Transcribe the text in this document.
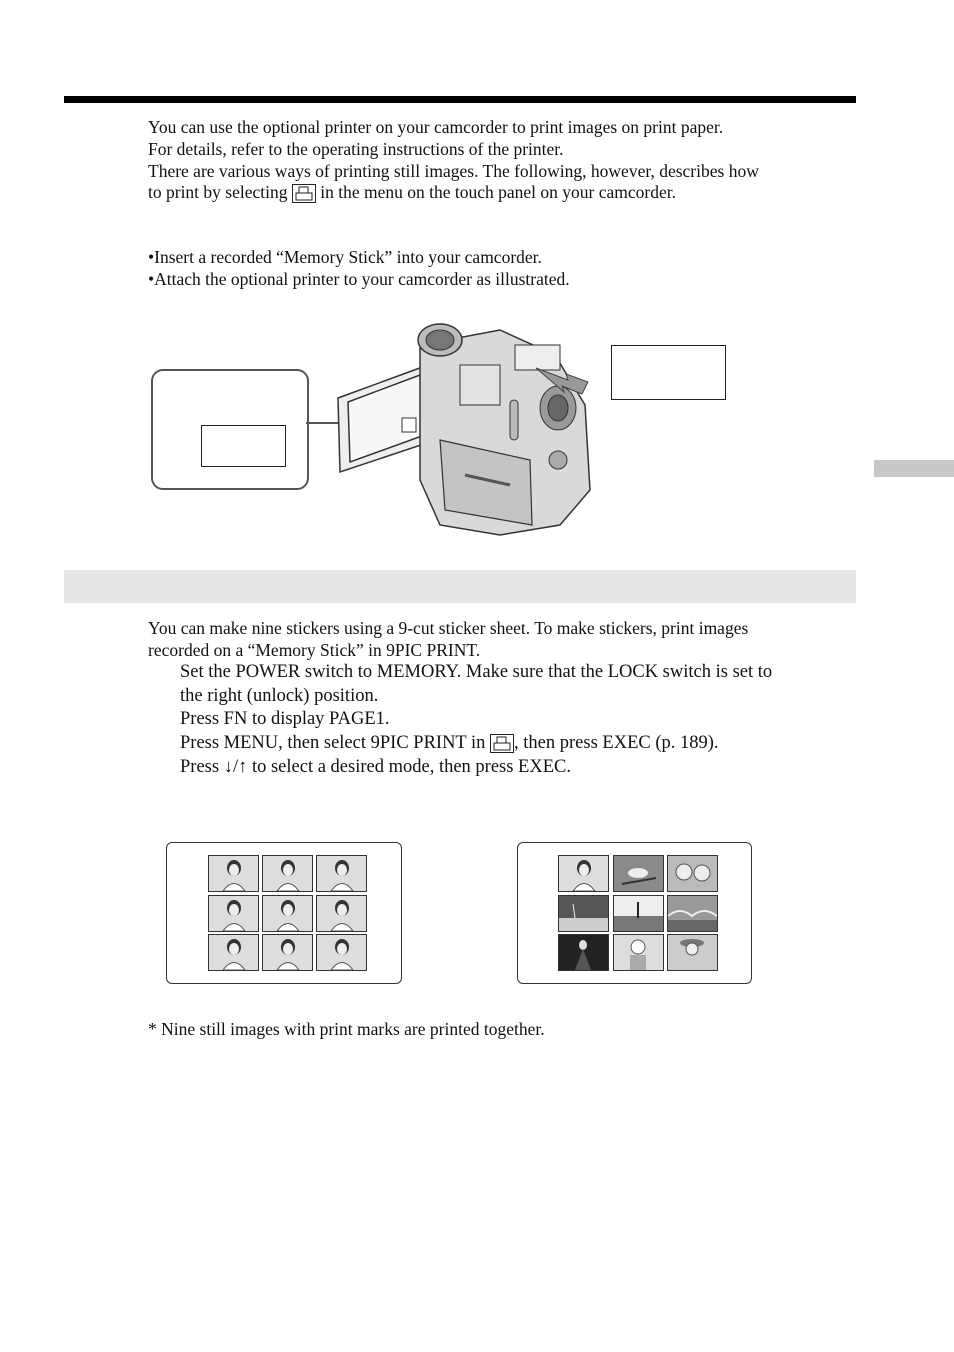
You can use the optional printer on your camcorder to print images on print paper.
For details, refer to the operating instructions of the printer.
There are various ways of printing still images. The following, however, describes how
to print by selecting in the menu on the touch panel on your camcorder.
•Insert a recorded “Memory Stick” into your camcorder.
•Attach the optional printer to your camcorder as illustrated.
You can make nine stickers using a 9-cut sticker sheet. To make stickers, print images
recorded on a “Memory Stick” in 9PIC PRINT.
Set the POWER switch to MEMORY. Make sure that the LOCK switch is set to
the right (unlock) position.
Press FN to display PAGE1.
Press MENU, then select 9PIC PRINT in , then press EXEC (p. 189).
Press ↓/↑ to select a desired mode, then press EXEC.
* Nine still images with print marks are printed together.
